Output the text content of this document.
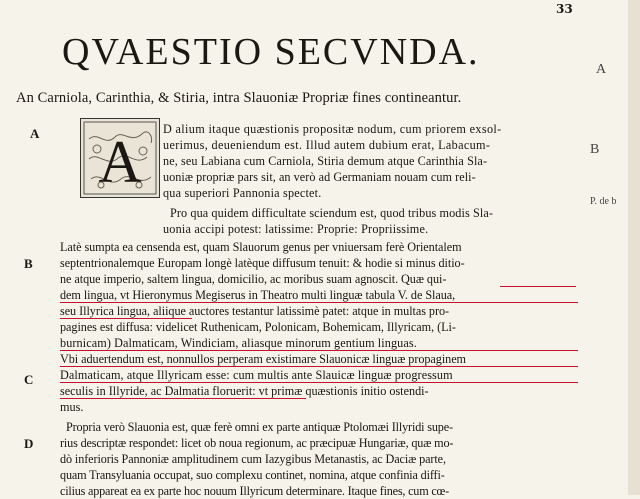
33
QVAESTIO SECVNDA.
An Carniola, Carinthia, & Stiria, intra Slauoniæ Propriæ fines contineantur.
A
B
C
D
A
B
P. de b
A D alium itaque quæstionis propositæ nodum, cum priorem exsol-
uerimus, deueniendum est. Illud autem dubium erat, Labacum-
ne, seu Labiana cum Carniola, Stiria demum atque Carinthia Sla-
uoniæ propriæ pars sit, an verò ad Germaniam nouam cum reli-
qua superiori Pannonia spectet.
Pro qua quidem difficultate sciendum est, quod tribus modis Sla-
uonia accipi potest: latissime: Proprie: Propriissime.
Latè sumpta ea censenda est, quam Slauorum genus per vniuersam ferè Orientalem
septentrionalemque Europam longè latèque diffusum tenuit: & hodie si minus ditio-
ne atque imperio, saltem lingua, domicilio, ac moribus suam agnoscit. Quæ qui-
dem lingua, vt Hieronymus Megiserus in Theatro multi linguæ tabula V. de Slaua,
seu Illyrica lingua, aliique auctores testantur latissimè patet: atque in multas pro-
pagines est diffusa: videlicet Ruthenicam, Polonicam, Bohemicam, Illyricam, (Li-
burnicam) Dalmaticam, Windiciam, aliasque minorum gentium linguas.
Vbi aduertendum est, nonnullos perperam existimare Slauonicæ linguæ propaginem
Dalmaticam, atque Illyricam esse: cum multis ante Slauicæ linguæ progressum
seculis in Illyride, ac Dalmatia floruerit: vt primæ quæstionis initio ostendi-
mus.
Propria verò Slauonia est, quæ ferè omni ex parte antiquæ Ptolomæi Illyridi supe-
rius descriptæ respondet: licet ob noua regionum, ac præcipuæ Hungariæ, quæ mo-
dò inferioris Pannoniæ amplitudinem cum Iazygibus Metanastis, ac Daciæ parte,
quam Transyluania occupat, suo complexu continet, nomina, atque confinia diffi-
cilius appareat ea ex parte hoc nouum Illyricum determinare. Itaque fines, cum cœ-
